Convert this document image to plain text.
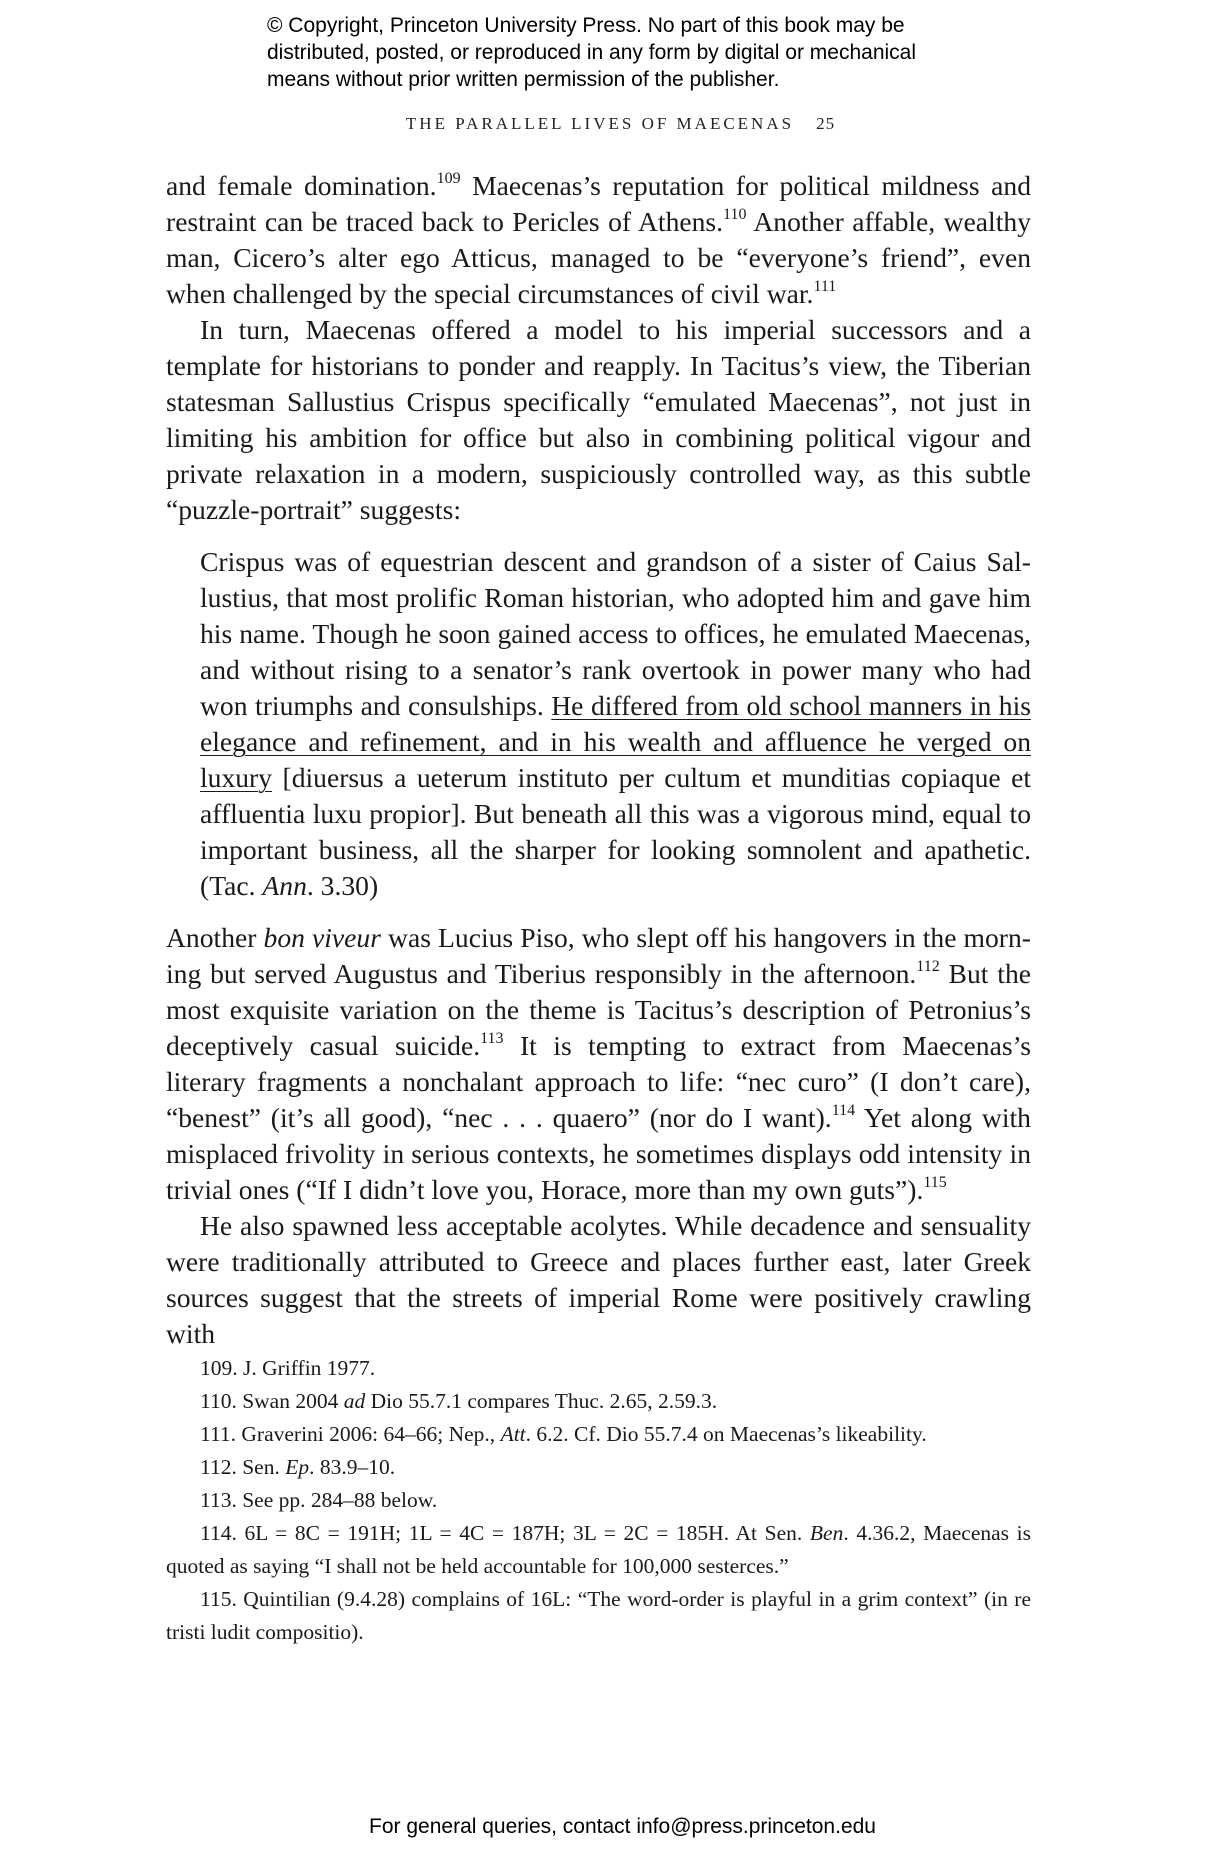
© Copyright, Princeton University Press. No part of this book may be
distributed, posted, or reproduced in any form by digital or mechanical
means without prior written permission of the publisher.
THE PARALLEL LIVES OF MAECENAS 25

and female domination.$^{109}$ Maecenas’s reputation for political mildness and restraint can be traced back to Pericles of Athens.$^{110}$ Another affable, wealthy man, Cicero’s alter ego Atticus, managed to be “everyone’s friend”, even when challenged by the special circumstances of civil war.$^{111}$

In turn, Maecenas offered a model to his imperial successors and a template for historians to ponder and reapply. In Tacitus’s view, the Tiberian statesman Sallustius Crispus specifically “emulated Maecenas”, not just in limiting his ambition for office but also in combining political vigour and private relaxation in a modern, suspiciously controlled way, as this subtle “puzzle-portrait” suggests:

Crispus was of equestrian descent and grandson of a sister of Caius Sallustius, that most prolific Roman historian, who adopted him and gave him his name. Though he soon gained access to offices, he emulated Maecenas, and without rising to a senator’s rank overtook in power many who had won triumphs and consulships. He differed from old school manners in his elegance and refinement, and in his wealth and affluence he verged on luxury [diuersus a ueterum instituto per cultum et munditias copiaque et affluentia luxu propior]. But beneath all this was a vigorous mind, equal to important business, all the sharper for looking somnolent and apathetic. (Tac. Ann. 3.30)

Another bon viveur was Lucius Piso, who slept off his hangovers in the morning but served Augustus and Tiberius responsibly in the afternoon.$^{112}$ But the most exquisite variation on the theme is Tacitus’s description of Petronius’s deceptively casual suicide.$^{113}$ It is tempting to extract from Maecenas’s literary fragments a nonchalant approach to life: “nec curo” (I don’t care), “benest” (it’s all good), “nec . . . quaero” (nor do I want).$^{114}$ Yet along with misplaced frivolity in serious contexts, he sometimes displays odd intensity in trivial ones (“If I didn’t love you, Horace, more than my own guts”).$^{115}$

He also spawned less acceptable acolytes. While decadence and sensuality were traditionally attributed to Greece and places further east, later Greek sources suggest that the streets of imperial Rome were positively crawling with

109. J. Griffin 1977.

110. Swan 2004 ad Dio 55.7.1 compares Thuc. 2.65, 2.59.3.

111. Graverini 2006: 64–66; Nep., Att. 6.2. Cf. Dio 55.7.4 on Maecenas’s likeability.

112. Sen. Ep. 83.9–10.

113. See pp. 284–88 below.

114. 6L = 8C = 191H; 1L = 4C = 187H; 3L = 2C = 185H. At Sen. Ben. 4.36.2, Maecenas is quoted as saying “I shall not be held accountable for 100,000 sesterces.”

115. Quintilian (9.4.28) complains of 16L: “The word-order is playful in a grim context” (in re tristi ludit compositio).

For general queries, contact info@press.princeton.edu
